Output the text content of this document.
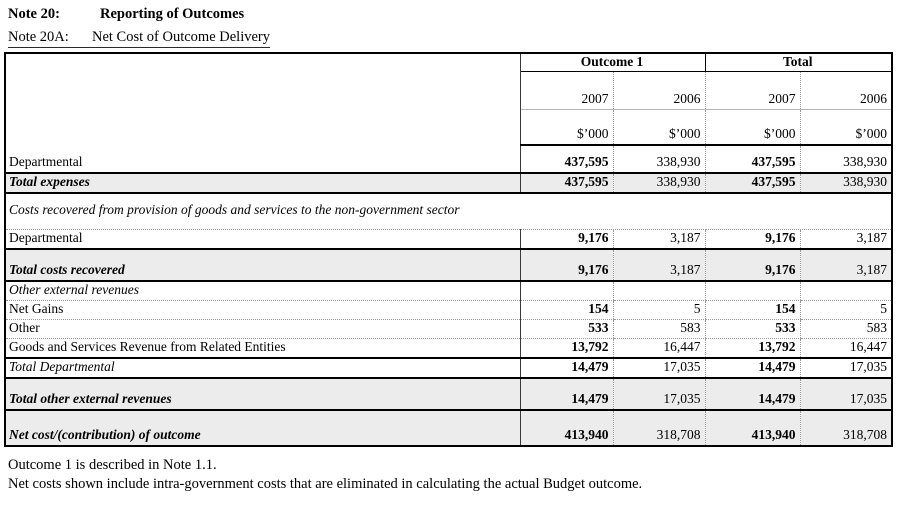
Note 20:	Reporting of Outcomes
Note 20A: Net Cost of Outcome Delivery
	Outcome 1		Total	
	2007	2006	2007	2006
	$’000	$’000	$’000	$’000
Departmental	437,595	338,930	437,595	338,930
Total expenses	437,595	338,930	437,595	338,930
Costs recovered from provision of goods and services to the non-government sector				
Departmental	9,176	3,187	9,176	3,187
Total costs recovered	9,176	3,187	9,176	3,187
Other external revenues				
Net Gains	154	5	154	5
Other	533	583	533	583
Goods and Services Revenue from Related Entities	13,792	16,447	13,792	16,447
Total Departmental	14,479	17,035	14,479	17,035
Total other external revenues	14,479	17,035	14,479	17,035
Net cost/(contribution) of outcome	413,940	318,708	413,940	318,708
Outcome 1 is described in Note 1.1.
Net costs shown include intra-government costs that are eliminated in calculating the actual Budget outcome.
